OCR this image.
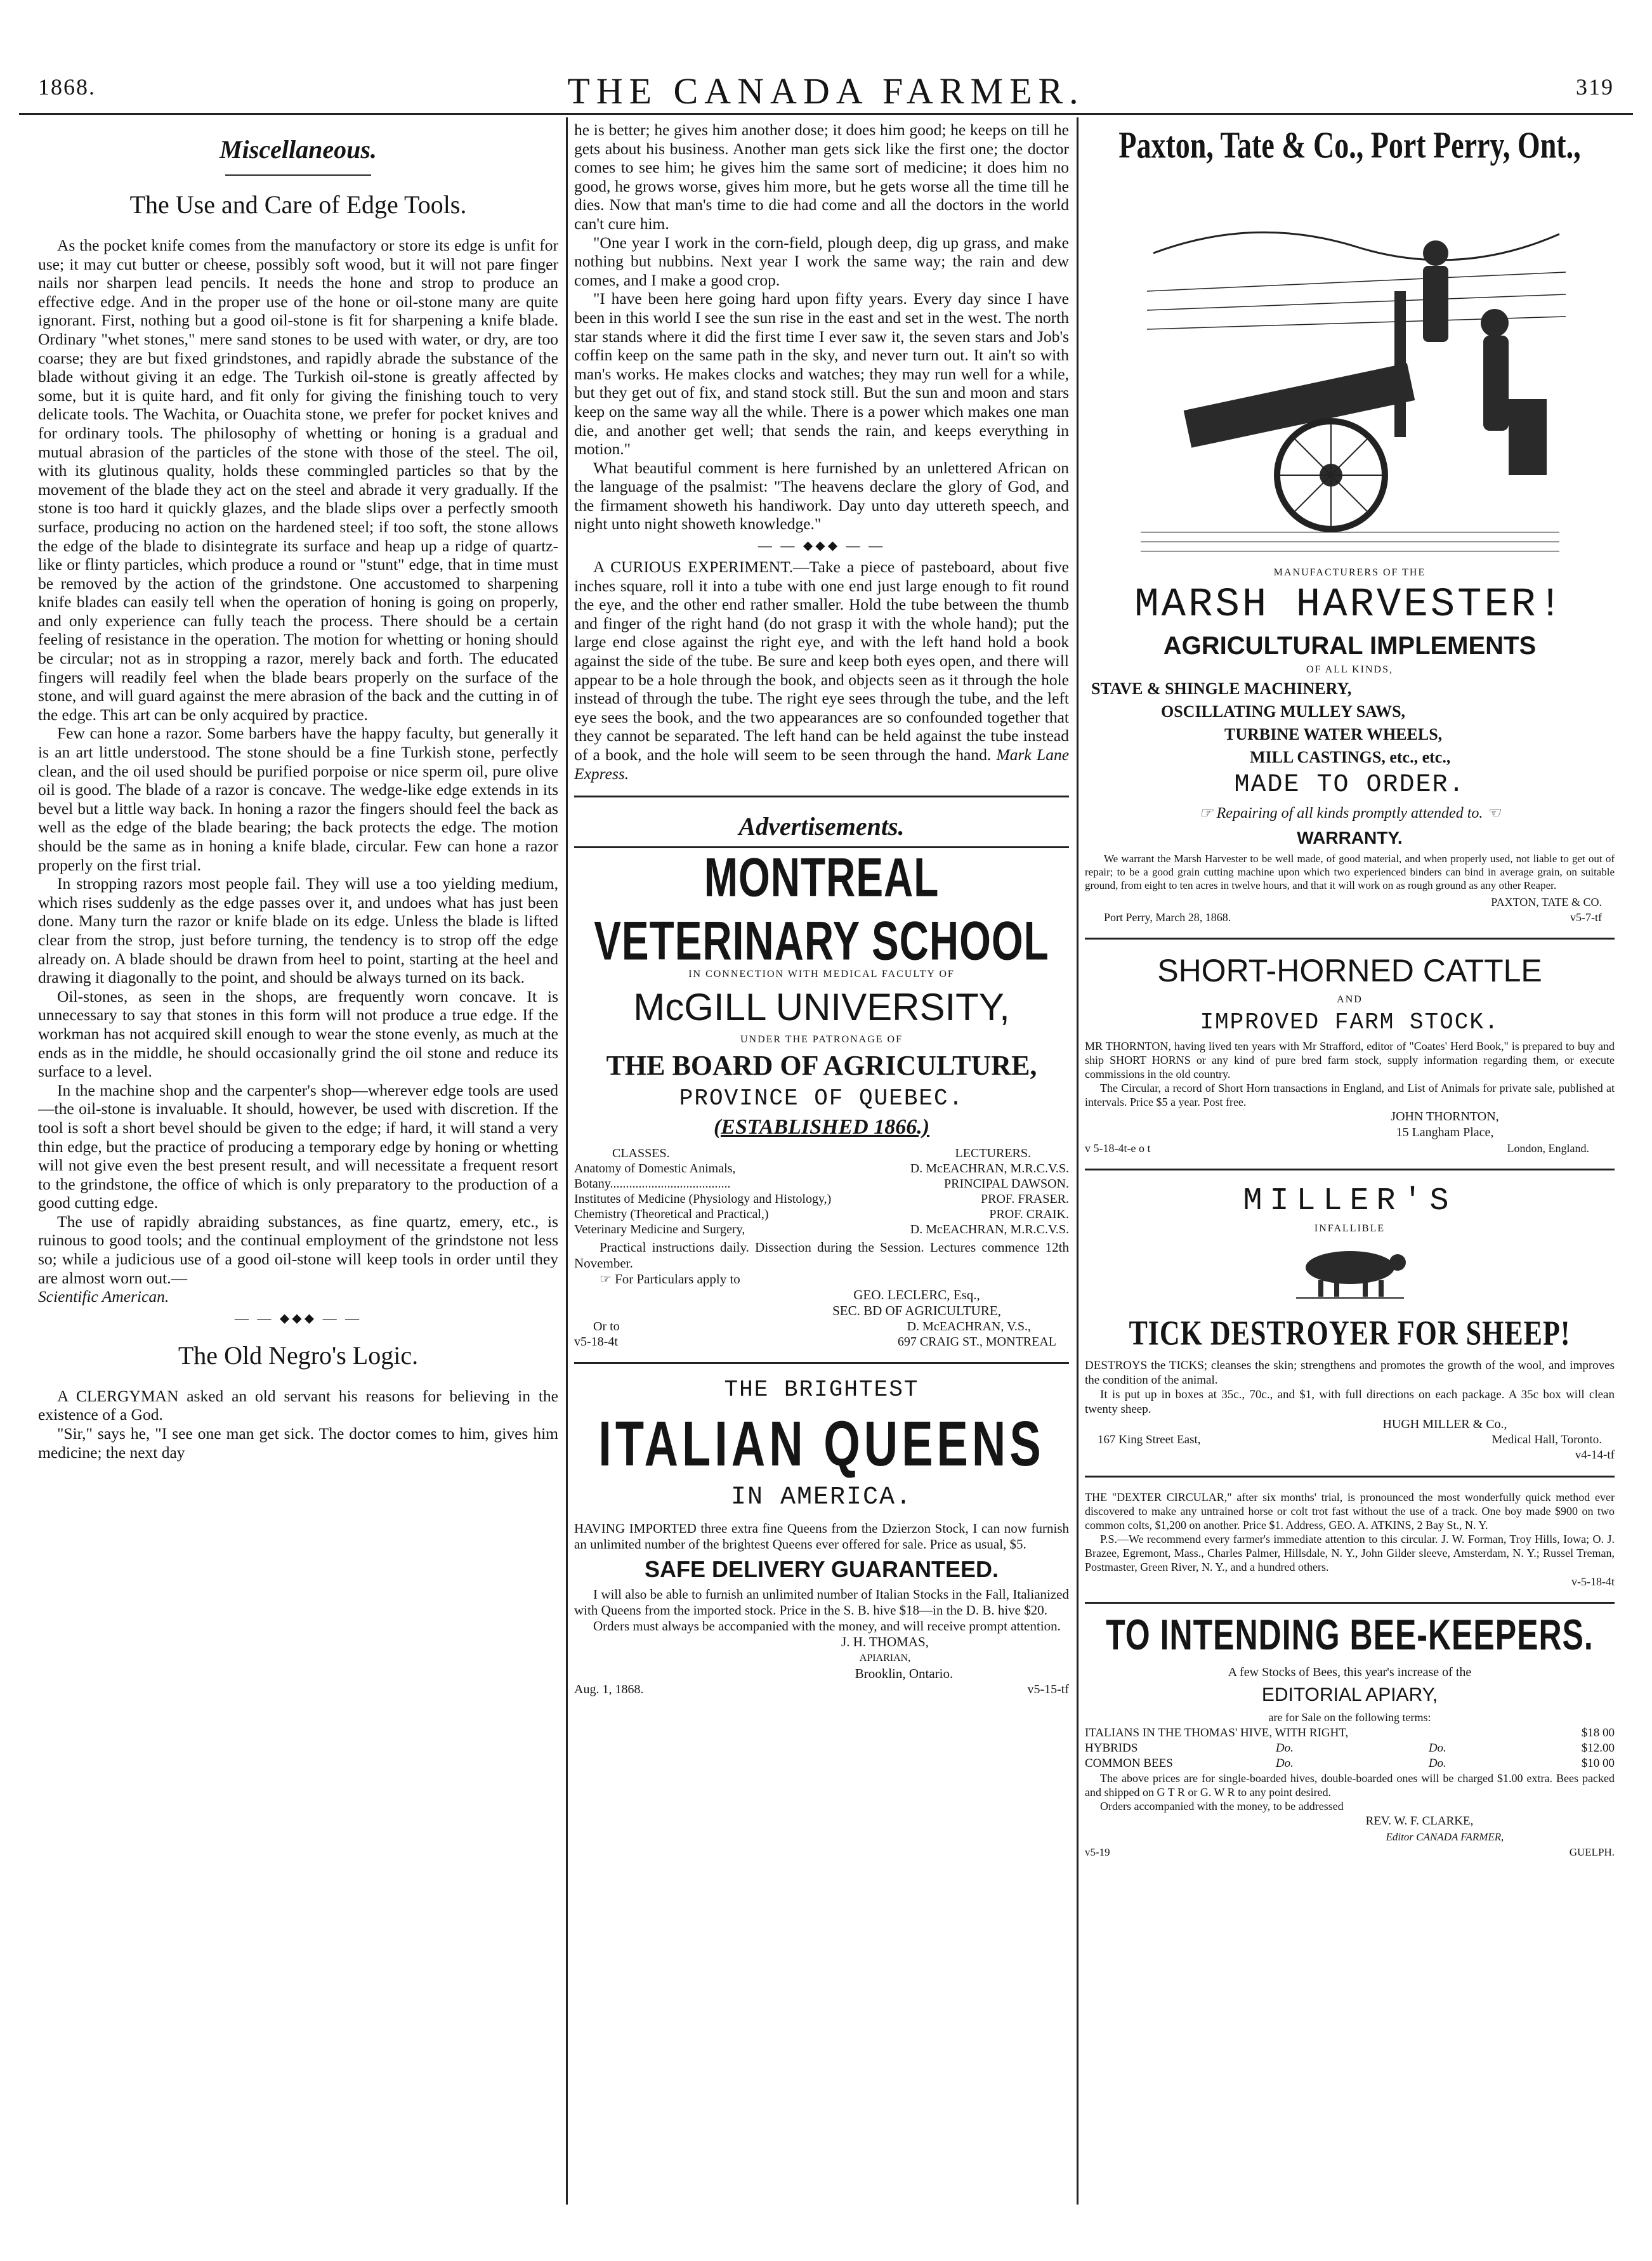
1868.	THE CANADA FARMER.	319
Miscellaneous.
The Use and Care of Edge Tools.

As the pocket knife comes from the manufactory or store its edge is unfit for use; it may cut butter or cheese, possibly soft wood, but it will not pare finger nails nor sharpen lead pencils. It needs the hone and strop to produce an effective edge. And in the proper use of the hone or oil-stone many are quite ignorant. First, nothing but a good oil-stone is fit for sharpening a knife blade. Ordinary "whet stones," mere sand stones to be used with water, or dry, are too coarse; they are but fixed grindstones, and rapidly abrade the substance of the blade without giving it an edge. The Turkish oil-stone is greatly affected by some, but it is quite hard, and fit only for giving the finishing touch to very delicate tools. The Wachita, or Ouachita stone, we prefer for pocket knives and for ordinary tools. The philosophy of whetting or honing is a gradual and mutual abrasion of the particles of the stone with those of the steel. The oil, with its glutinous quality, holds these commingled particles so that by the movement of the blade they act on the steel and abrade it very gradually. If the stone is too hard it quickly glazes, and the blade slips over a perfectly smooth surface, producing no action on the hardened steel; if too soft, the stone allows the edge of the blade to disintegrate its surface and heap up a ridge of quartz-like or flinty particles, which produce a round or "stunt" edge, that in time must be removed by the action of the grindstone. One accustomed to sharpening knife blades can easily tell when the operation of honing is going on properly, and only experience can fully teach the process. There should be a certain feeling of resistance in the operation. The motion for whetting or honing should be circular; not as in stropping a razor, merely back and forth. The educated fingers will readily feel when the blade bears properly on the surface of the stone, and will guard against the mere abrasion of the back and the cutting in of the edge. This art can be only acquired by practice.

Few can hone a razor. Some barbers have the happy faculty, but generally it is an art little understood. The stone should be a fine Turkish stone, perfectly clean, and the oil used should be purified porpoise or nice sperm oil, pure olive oil is good. The blade of a razor is concave. The wedge-like edge extends in its bevel but a little way back. In honing a razor the fingers should feel the back as well as the edge of the blade bearing; the back protects the edge. The motion should be the same as in honing a knife blade, circular. Few can hone a razor properly on the first trial.

In stropping razors most people fail. They will use a too yielding medium, which rises suddenly as the edge passes over it, and undoes what has just been done. Many turn the razor or knife blade on its edge. Unless the blade is lifted clear from the strop, just before turning, the tendency is to strop off the edge already on. A blade should be drawn from heel to point, starting at the heel and drawing it diagonally to the point, and should be always turned on its back.

Oil-stones, as seen in the shops, are frequently worn concave. It is unnecessary to say that stones in this form will not produce a true edge. If the workman has not acquired skill enough to wear the stone evenly, as much at the ends as in the middle, he should occasionally grind the oil stone and reduce its surface to a level.

In the machine shop and the carpenter's shop—wherever edge tools are used—the oil-stone is invaluable. It should, however, be used with discretion. If the tool is soft a short bevel should be given to the edge; if hard, it will stand a very thin edge, but the practice of producing a temporary edge by honing or whetting will not give even the best present result, and will necessitate a frequent resort to the grindstone, the office of which is only preparatory to the production of a good cutting edge.

The use of rapidly abraiding substances, as fine quartz, emery, etc., is ruinous to good tools; and the continual employment of the grindstone not less so; while a judicious use of a good oil-stone will keep tools in order until they are almost worn out.—

Scientific American.
— — ⬥⬥⬥ — —
The Old Negro's Logic.

A CLERGYMAN asked an old servant his reasons for believing in the existence of a God.

"Sir," says he, "I see one man get sick. The doctor comes to him, gives him medicine; the next day

he is better; he gives him another dose; it does him good; he keeps on till he gets about his business. Another man gets sick like the first one; the doctor comes to see him; he gives him the same sort of medicine; it does him no good, he grows worse, gives him more, but he gets worse all the time till he dies. Now that man's time to die had come and all the doctors in the world can't cure him.

"One year I work in the corn-field, plough deep, dig up grass, and make nothing but nubbins. Next year I work the same way; the rain and dew comes, and I make a good crop.

"I have been here going hard upon fifty years. Every day since I have been in this world I see the sun rise in the east and set in the west. The north star stands where it did the first time I ever saw it, the seven stars and Job's coffin keep on the same path in the sky, and never turn out. It ain't so with man's works. He makes clocks and watches; they may run well for a while, but they get out of fix, and stand stock still. But the sun and moon and stars keep on the same way all the while. There is a power which makes one man die, and another get well; that sends the rain, and keeps everything in motion."

What beautiful comment is here furnished by an unlettered African on the language of the psalmist: "The heavens declare the glory of God, and the firmament showeth his handiwork. Day unto day uttereth speech, and night unto night showeth knowledge."

— — ⬥⬥⬥ — —

A CURIOUS EXPERIMENT.—Take a piece of pasteboard, about five inches square, roll it into a tube with one end just large enough to fit round the eye, and the other end rather smaller. Hold the tube between the thumb and finger of the right hand (do not grasp it with the whole hand); put the large end close against the right eye, and with the left hand hold a book against the side of the tube. Be sure and keep both eyes open, and there will appear to be a hole through the book, and objects seen as it through the hole instead of through the tube. The right eye sees through the tube, and the left eye sees the book, and the two appearances are so confounded together that they cannot be separated. The left hand can be held against the tube instead of a book, and the hole will seem to be seen through the hand. Mark Lane Express.

Advertisements.
MONTREAL VETERINARY SCHOOL
IN CONNECTION WITH MEDICAL FACULTY OF
McGILL UNIVERSITY,
UNDER THE PATRONAGE OF
THE BOARD OF AGRICULTURE,
PROVINCE OF QUEBEC.
(ESTABLISHED 1866.)
CLASSES.	LECTURERS.
Anatomy of Domestic Animals,	D. McEACHRAN, M.R.C.V.S.
Botany......................................	PRINCIPAL DAWSON.
Institutes of Medicine (Physiology and Histology,)	PROF. FRASER.
Chemistry (Theoretical and Practical,)	PROF. CRAIK.
Veterinary Medicine and Surgery,	D. McEACHRAN, M.R.C.V.S.
Practical instructions daily. Dissection during the Session. Lectures commence 12th November.
☞ For Particulars apply to
GEO. LECLERC, Esq.,
SEC. BD OF AGRICULTURE,
Or to	D. McEACHRAN, V.S.,
v5-18-4t	697 CRAIG ST., MONTREAL
THE BRIGHTEST
ITALIAN QUEENS
IN AMERICA.
HAVING IMPORTED three extra fine Queens from the Dzierzon Stock, I can now furnish an unlimited number of the brightest Queens ever offered for sale. Price as usual, $5.
SAFE DELIVERY GUARANTEED.
I will also be able to furnish an unlimited number of Italian Stocks in the Fall, Italianized with Queens from the imported stock. Price in the S. B. hive $18—in the D. B. hive $20.
Orders must always be accompanied with the money, and will receive prompt attention.
J. H. THOMAS,
APIARIAN,
Brooklin, Ontario.
Aug. 1, 1868.	v5-15-tf
Paxton, Tate & Co., Port Perry, Ont.,
MANUFACTURERS OF THE
MARSH HARVESTER!
AGRICULTURAL IMPLEMENTS
OF ALL KINDS,
STAVE & SHINGLE MACHINERY,
OSCILLATING MULLEY SAWS,
TURBINE WATER WHEELS,
MILL CASTINGS, etc., etc.,
MADE TO ORDER.
☞ Repairing of all kinds promptly attended to. ☜
WARRANTY.
We warrant the Marsh Harvester to be well made, of good material, and when properly used, not liable to get out of repair; to be a good grain cutting machine upon which two experienced binders can bind in average grain, on suitable ground, from eight to ten acres in twelve hours, and that it will work on as rough ground as any other Reaper.
PAXTON, TATE & CO.
Port Perry, March 28, 1868.	v5-7-tf
SHORT-HORNED CATTLE
AND
IMPROVED FARM STOCK.
MR THORNTON, having lived ten years with Mr Strafford, editor of "Coates' Herd Book," is prepared to buy and ship SHORT HORNS or any kind of pure bred farm stock, supply information regarding them, or execute commissions in the old country.
The Circular, a record of Short Horn transactions in England, and List of Animals for private sale, published at intervals. Price $5 a year. Post free.
JOHN THORNTON,
15 Langham Place,
v 5-18-4t-e o t	London, England.
MILLER'S
INFALLIBLE
TICK DESTROYER FOR SHEEP!
DESTROYS the TICKS; cleanses the skin; strengthens and promotes the growth of the wool, and improves the condition of the animal.
It is put up in boxes at 35c., 70c., and $1, with full directions on each package. A 35c box will clean twenty sheep.
HUGH MILLER & Co.,
167 King Street East,	Medical Hall, Toronto.
v4-14-tf
THE "DEXTER CIRCULAR," after six months' trial, is pronounced the most wonderfully quick method ever discovered to make any untrained horse or colt trot fast without the use of a track. One boy made $900 on two common colts, $1,200 on another. Price $1. Address, GEO. A. ATKINS, 2 Bay St., N. Y.
P.S.—We recommend every farmer's immediate attention to this circular. J. W. Forman, Troy Hills, Iowa; O. J. Brazee, Egremont, Mass., Charles Palmer, Hillsdale, N. Y., John Gilder sleeve, Amsterdam, N. Y.; Russel Treman, Postmaster, Green River, N. Y., and a hundred others.
v-5-18-4t
TO INTENDING BEE-KEEPERS.
A few Stocks of Bees, this year's increase of the
EDITORIAL APIARY,
are for Sale on the following terms:
ITALIANS IN THE THOMAS' HIVE, WITH RIGHT,	$18 00
HYBRIDS	Do.	Do.	$12.00
COMMON BEES	Do.	Do.	$10 00
The above prices are for single-boarded hives, double-boarded ones will be charged $1.00 extra. Bees packed and shipped on G T R or G. W R to any point desired.
Orders accompanied with the money, to be addressed
REV. W. F. CLARKE,
Editor CANADA FARMER,
v5-19	GUELPH.
